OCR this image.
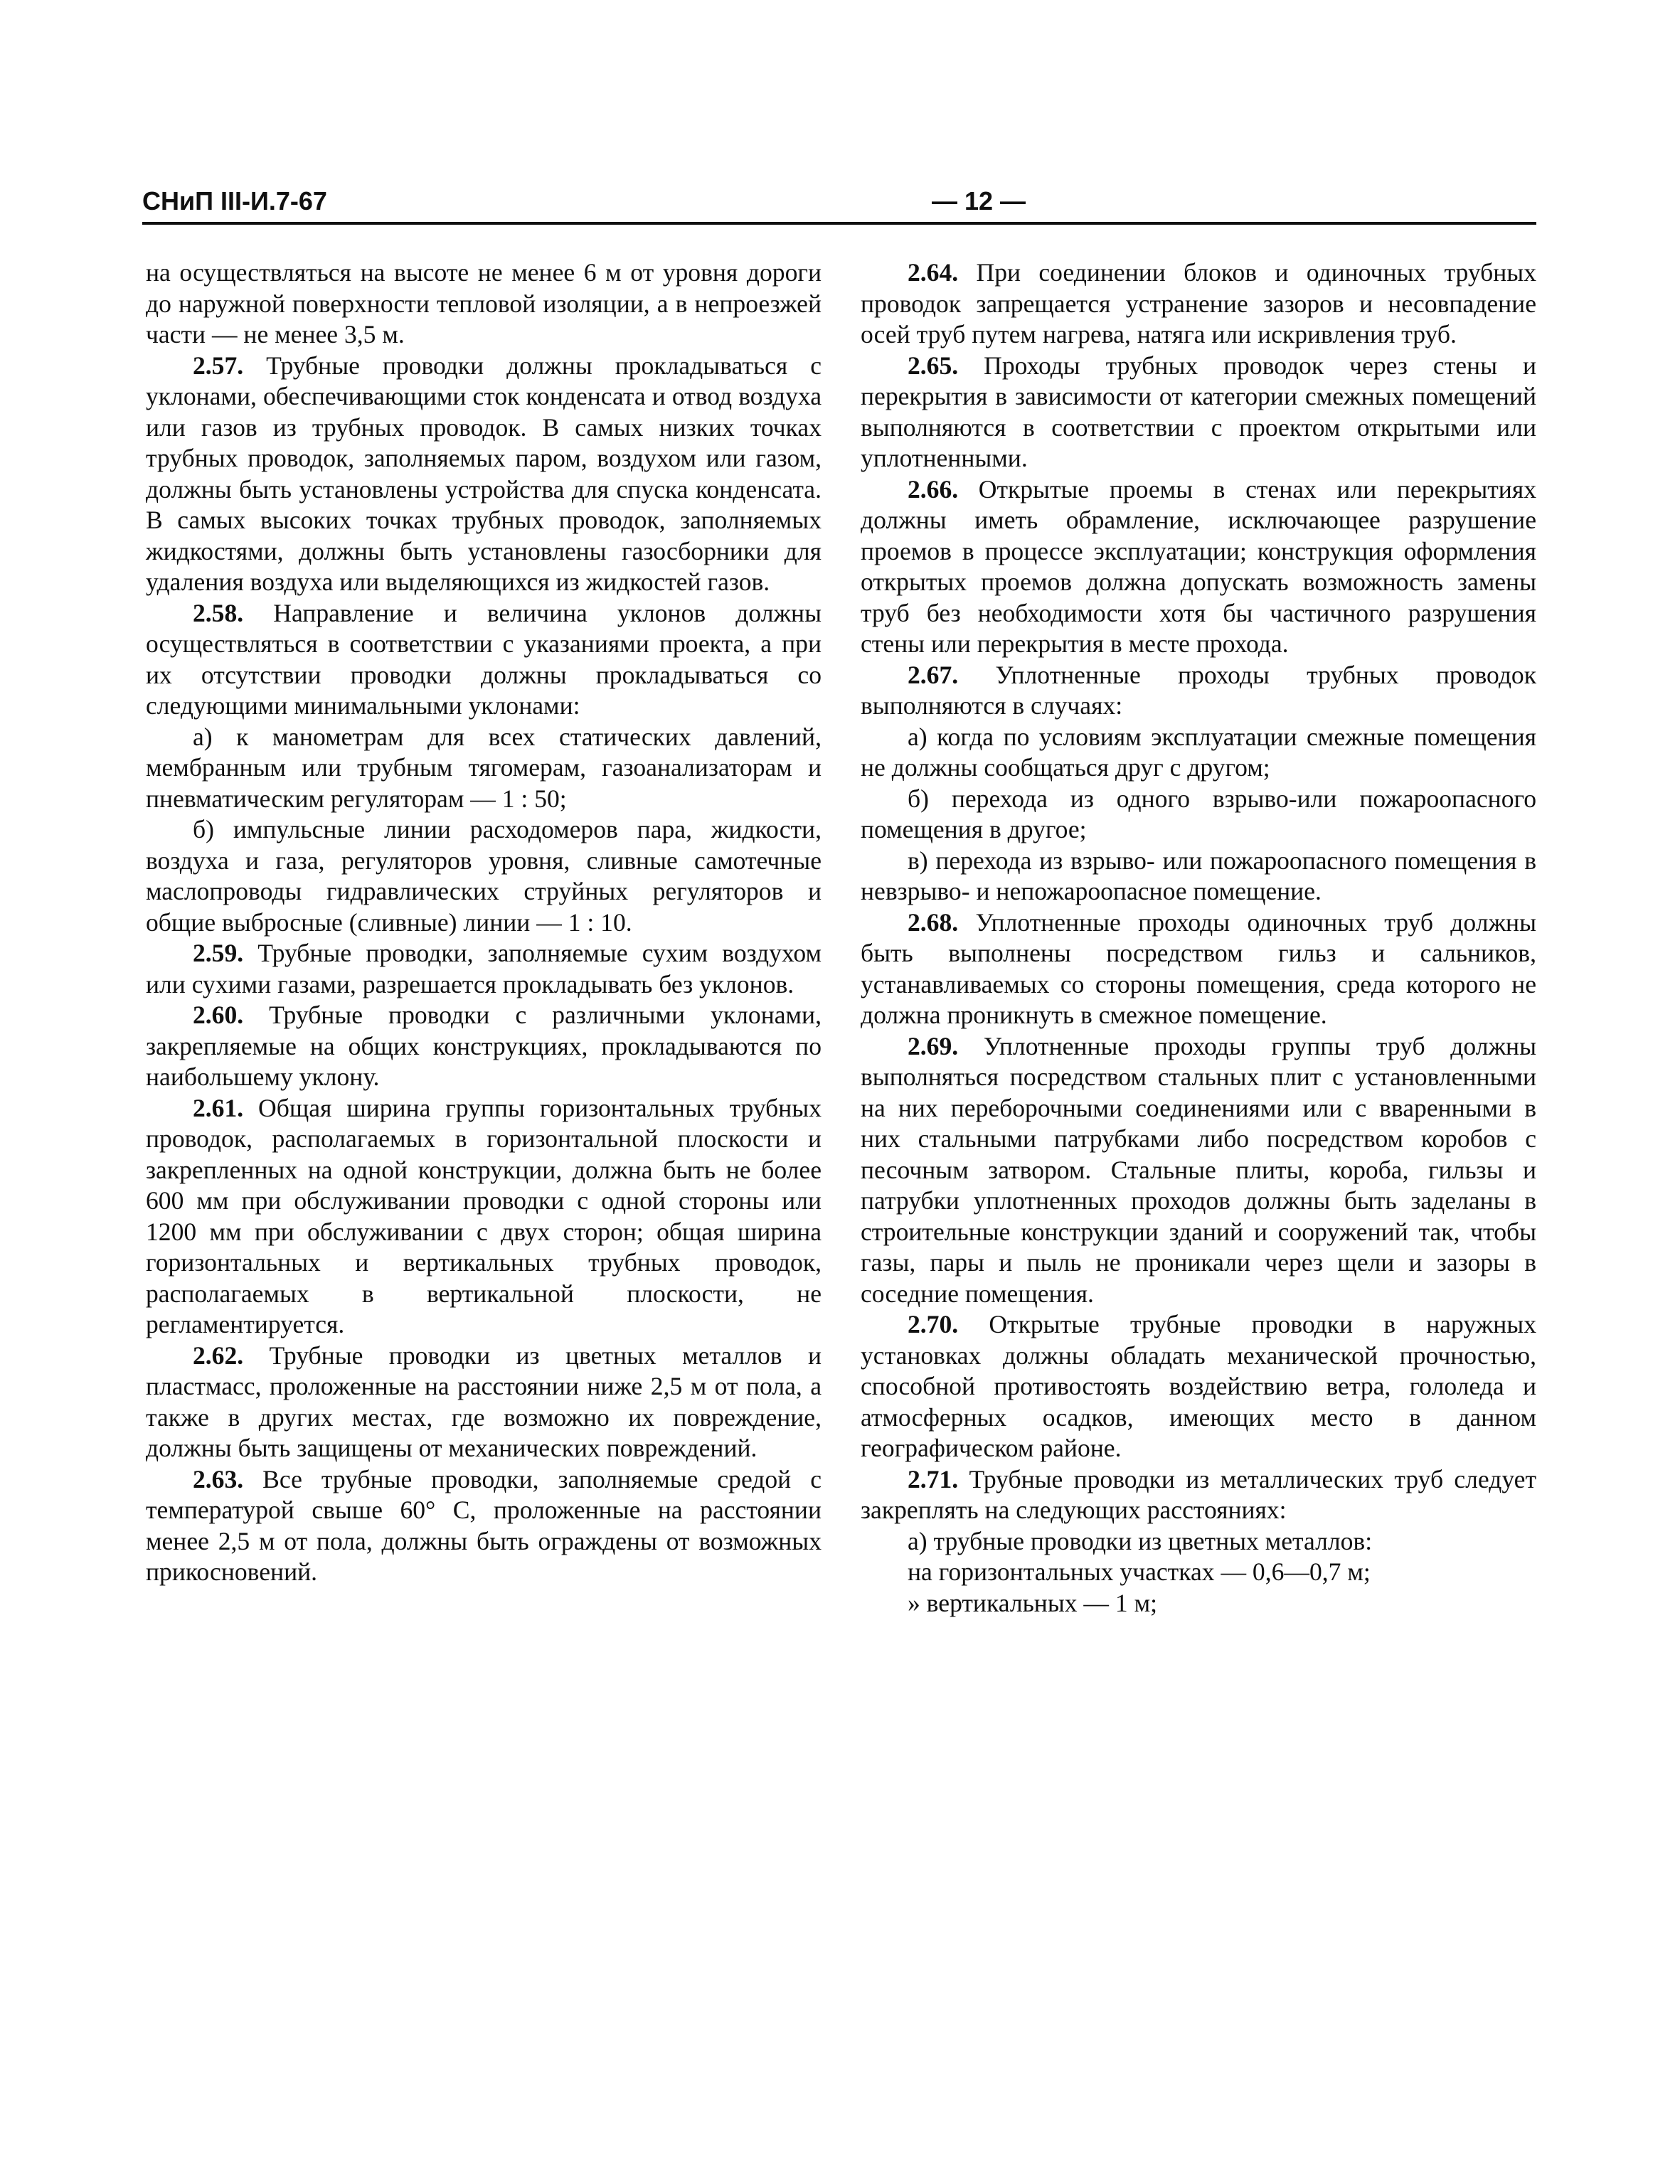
СНиП III-И.7-67	— 12 —

на осуществляться на высоте не менее 6 м от уровня дороги до наружной поверхности тепловой изоляции, а в непроезжей части — не менее 3,5 м.

2.57. Трубные проводки должны прокладываться с уклонами, обеспечивающими сток конденсата и отвод воздуха или газов из трубных проводок. В самых низких точках трубных проводок, заполняемых паром, воздухом или газом, должны быть установлены устройства для спуска конденсата. В самых высоких точках трубных проводок, заполняемых жидкостями, должны быть установлены газосборники для удаления воздуха или выделяющихся из жидкостей газов.

2.58. Направление и величина уклонов должны осуществляться в соответствии с указаниями проекта, а при их отсутствии проводки должны прокладываться со следующими минимальными уклонами:

а) к манометрам для всех статических давлений, мембранным или трубным тягомерам, газоанализаторам и пневматическим регуляторам — 1 : 50;

б) импульсные линии расходомеров пара, жидкости, воздуха и газа, регуляторов уровня, сливные самотечные маслопроводы гидравлических струйных регуляторов и общие выбросные (сливные) линии — 1 : 10.

2.59. Трубные проводки, заполняемые сухим воздухом или сухими газами, разрешается прокладывать без уклонов.

2.60. Трубные проводки с различными уклонами, закрепляемые на общих конструкциях, прокладываются по наибольшему уклону.

2.61. Общая ширина группы горизонтальных трубных проводок, располагаемых в горизонтальной плоскости и закрепленных на одной конструкции, должна быть не более 600 мм при обслуживании проводки с одной стороны или 1200 мм при обслуживании с двух сторон; общая ширина горизонтальных и вертикальных трубных проводок, располагаемых в вертикальной плоскости, не регламентируется.

2.62. Трубные проводки из цветных металлов и пластмасс, проложенные на расстоянии ниже 2,5 м от пола, а также в других местах, где возможно их повреждение, должны быть защищены от механических повреждений.

2.63. Все трубные проводки, заполняемые средой с температурой свыше 60° С, проложенные на расстоянии менее 2,5 м от пола, должны быть ограждены от возможных прикосновений.

2.64. При соединении блоков и одиночных трубных проводок запрещается устранение зазоров и несовпадение осей труб путем нагрева, натяга или искривления труб.

2.65. Проходы трубных проводок через стены и перекрытия в зависимости от категории смежных помещений выполняются в соответствии с проектом открытыми или уплотненными.

2.66. Открытые проемы в стенах или перекрытиях должны иметь обрамление, исключающее разрушение проемов в процессе эксплуатации; конструкция оформления открытых проемов должна допускать возможность замены труб без необходимости хотя бы частичного разрушения стены или перекрытия в месте прохода.

2.67. Уплотненные проходы трубных проводок выполняются в случаях:

а) когда по условиям эксплуатации смежные помещения не должны сообщаться друг с другом;

б) перехода из одного взрыво-или пожароопасного помещения в другое;

в) перехода из взрыво- или пожароопасного помещения в невзрыво- и непожароопасное помещение.

2.68. Уплотненные проходы одиночных труб должны быть выполнены посредством гильз и сальников, устанавливаемых со стороны помещения, среда которого не должна проникнуть в смежное помещение.

2.69. Уплотненные проходы группы труб должны выполняться посредством стальных плит с установленными на них переборочными соединениями или с вваренными в них стальными патрубками либо посредством коробов с песочным затвором. Стальные плиты, короба, гильзы и патрубки уплотненных проходов должны быть заделаны в строительные конструкции зданий и сооружений так, чтобы газы, пары и пыль не проникали через щели и зазоры в соседние помещения.

2.70. Открытые трубные проводки в наружных установках должны обладать механической прочностью, способной противостоять воздействию ветра, гололеда и атмосферных осадков, имеющих место в данном географическом районе.

2.71. Трубные проводки из металлических труб следует закреплять на следующих расстояниях:

а) трубные проводки из цветных металлов:

на горизонтальных участках — 0,6—0,7 м;

» вертикальных — 1 м;
